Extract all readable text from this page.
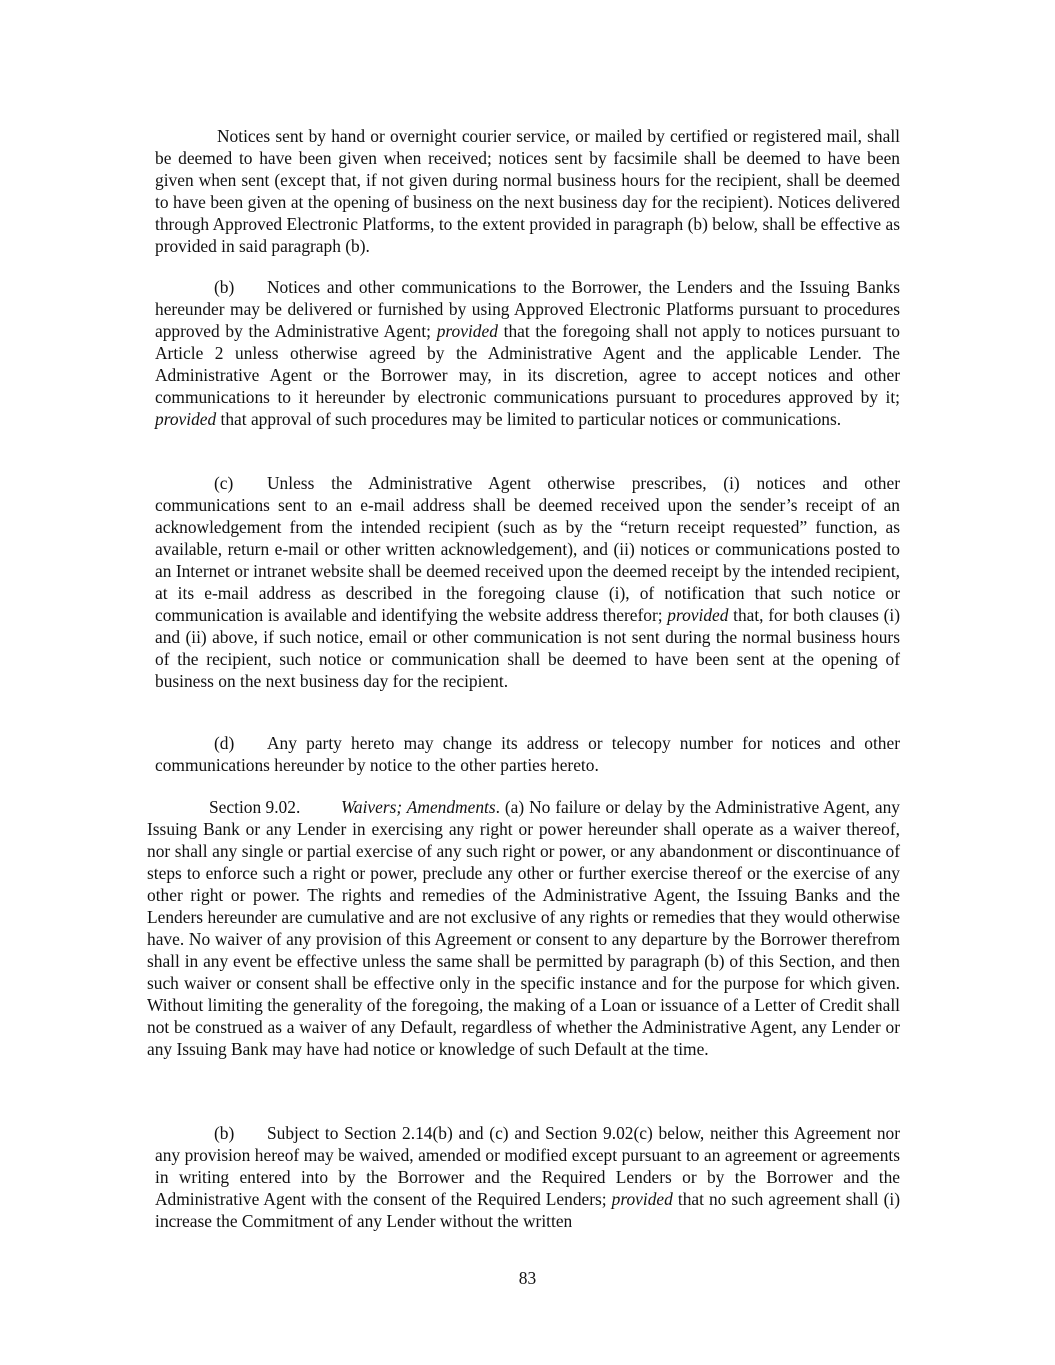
Notices sent by hand or overnight courier service, or mailed by certified or registered mail, shall be deemed to have been given when received; notices sent by facsimile shall be deemed to have been given when sent (except that, if not given during normal business hours for the recipient, shall be deemed to have been given at the opening of business on the next business day for the recipient). Notices delivered through Approved Electronic Platforms, to the extent provided in paragraph (b) below, shall be effective as provided in said paragraph (b).

(b) Notices and other communications to the Borrower, the Lenders and the Issuing Banks hereunder may be delivered or furnished by using Approved Electronic Platforms pursuant to procedures approved by the Administrative Agent; provided that the foregoing shall not apply to notices pursuant to Article 2 unless otherwise agreed by the Administrative Agent and the applicable Lender. The Administrative Agent or the Borrower may, in its discretion, agree to accept notices and other communications to it hereunder by electronic communications pursuant to procedures approved by it; provided that approval of such procedures may be limited to particular notices or communications.

(c) Unless the Administrative Agent otherwise prescribes, (i) notices and other communications sent to an e-mail address shall be deemed received upon the sender’s receipt of an acknowledgement from the intended recipient (such as by the “return receipt requested” function, as available, return e-mail or other written acknowledgement), and (ii) notices or communications posted to an Internet or intranet website shall be deemed received upon the deemed receipt by the intended recipient, at its e-mail address as described in the foregoing clause (i), of notification that such notice or communication is available and identifying the website address therefor; provided that, for both clauses (i) and (ii) above, if such notice, email or other communication is not sent during the normal business hours of the recipient, such notice or communication shall be deemed to have been sent at the opening of business on the next business day for the recipient.

(d) Any party hereto may change its address or telecopy number for notices and other communications hereunder by notice to the other parties hereto.

Section 9.02. Waivers; Amendments. (a) No failure or delay by the Administrative Agent, any Issuing Bank or any Lender in exercising any right or power hereunder shall operate as a waiver thereof, nor shall any single or partial exercise of any such right or power, or any abandonment or discontinuance of steps to enforce such a right or power, preclude any other or further exercise thereof or the exercise of any other right or power. The rights and remedies of the Administrative Agent, the Issuing Banks and the Lenders hereunder are cumulative and are not exclusive of any rights or remedies that they would otherwise have. No waiver of any provision of this Agreement or consent to any departure by the Borrower therefrom shall in any event be effective unless the same shall be permitted by paragraph (b) of this Section, and then such waiver or consent shall be effective only in the specific instance and for the purpose for which given. Without limiting the generality of the foregoing, the making of a Loan or issuance of a Letter of Credit shall not be construed as a waiver of any Default, regardless of whether the Administrative Agent, any Lender or any Issuing Bank may have had notice or knowledge of such Default at the time.

(b) Subject to Section 2.14(b) and (c) and Section 9.02(c) below, neither this Agreement nor any provision hereof may be waived, amended or modified except pursuant to an agreement or agreements in writing entered into by the Borrower and the Required Lenders or by the Borrower and the Administrative Agent with the consent of the Required Lenders; provided that no such agreement shall (i) increase the Commitment of any Lender without the written

83
